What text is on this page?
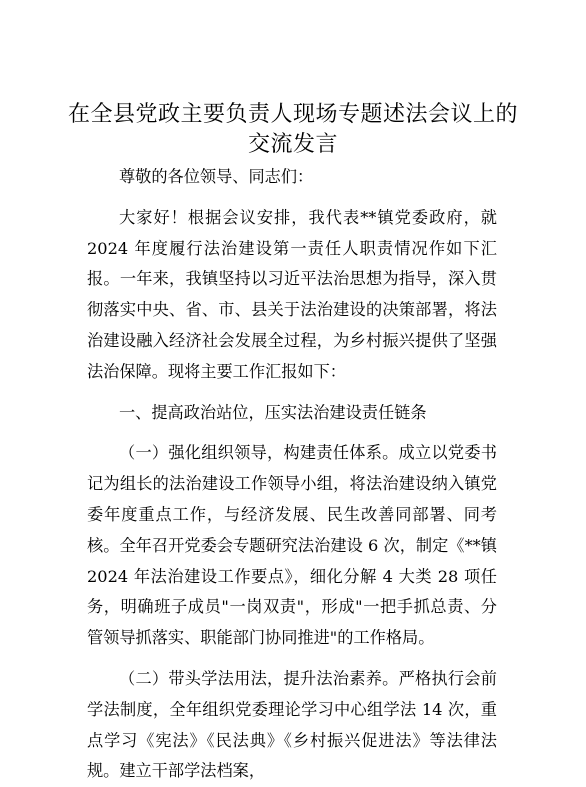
在全县党政主要负责人现场专题述法会议上的交流发言

尊敬的各位领导、同志们：

大家好！根据会议安排，我代表**镇党委政府，就 2024 年度履行法治建设第一责任人职责情况作如下汇报。一年来，我镇坚持以习近平法治思想为指导，深入贯彻落实中央、省、市、县关于法治建设的决策部署，将法治建设融入经济社会发展全过程，为乡村振兴提供了坚强法治保障。现将主要工作汇报如下：

一、提高政治站位，压实法治建设责任链条

（一）强化组织领导，构建责任体系。成立以党委书记为组长的法治建设工作领导小组，将法治建设纳入镇党委年度重点工作，与经济发展、民生改善同部署、同考核。全年召开党委会专题研究法治建设 6 次，制定《**镇 2024 年法治建设工作要点》，细化分解 4 大类 28 项任务，明确班子成员"一岗双责"，形成"一把手抓总责、分管领导抓落实、职能部门协同推进"的工作格局。

（二）带头学法用法，提升法治素养。严格执行会前学法制度，全年组织党委理论学习中心组学法 14 次，重点学习《宪法》《民法典》《乡村振兴促进法》等法律法规。建立干部学法档案，
